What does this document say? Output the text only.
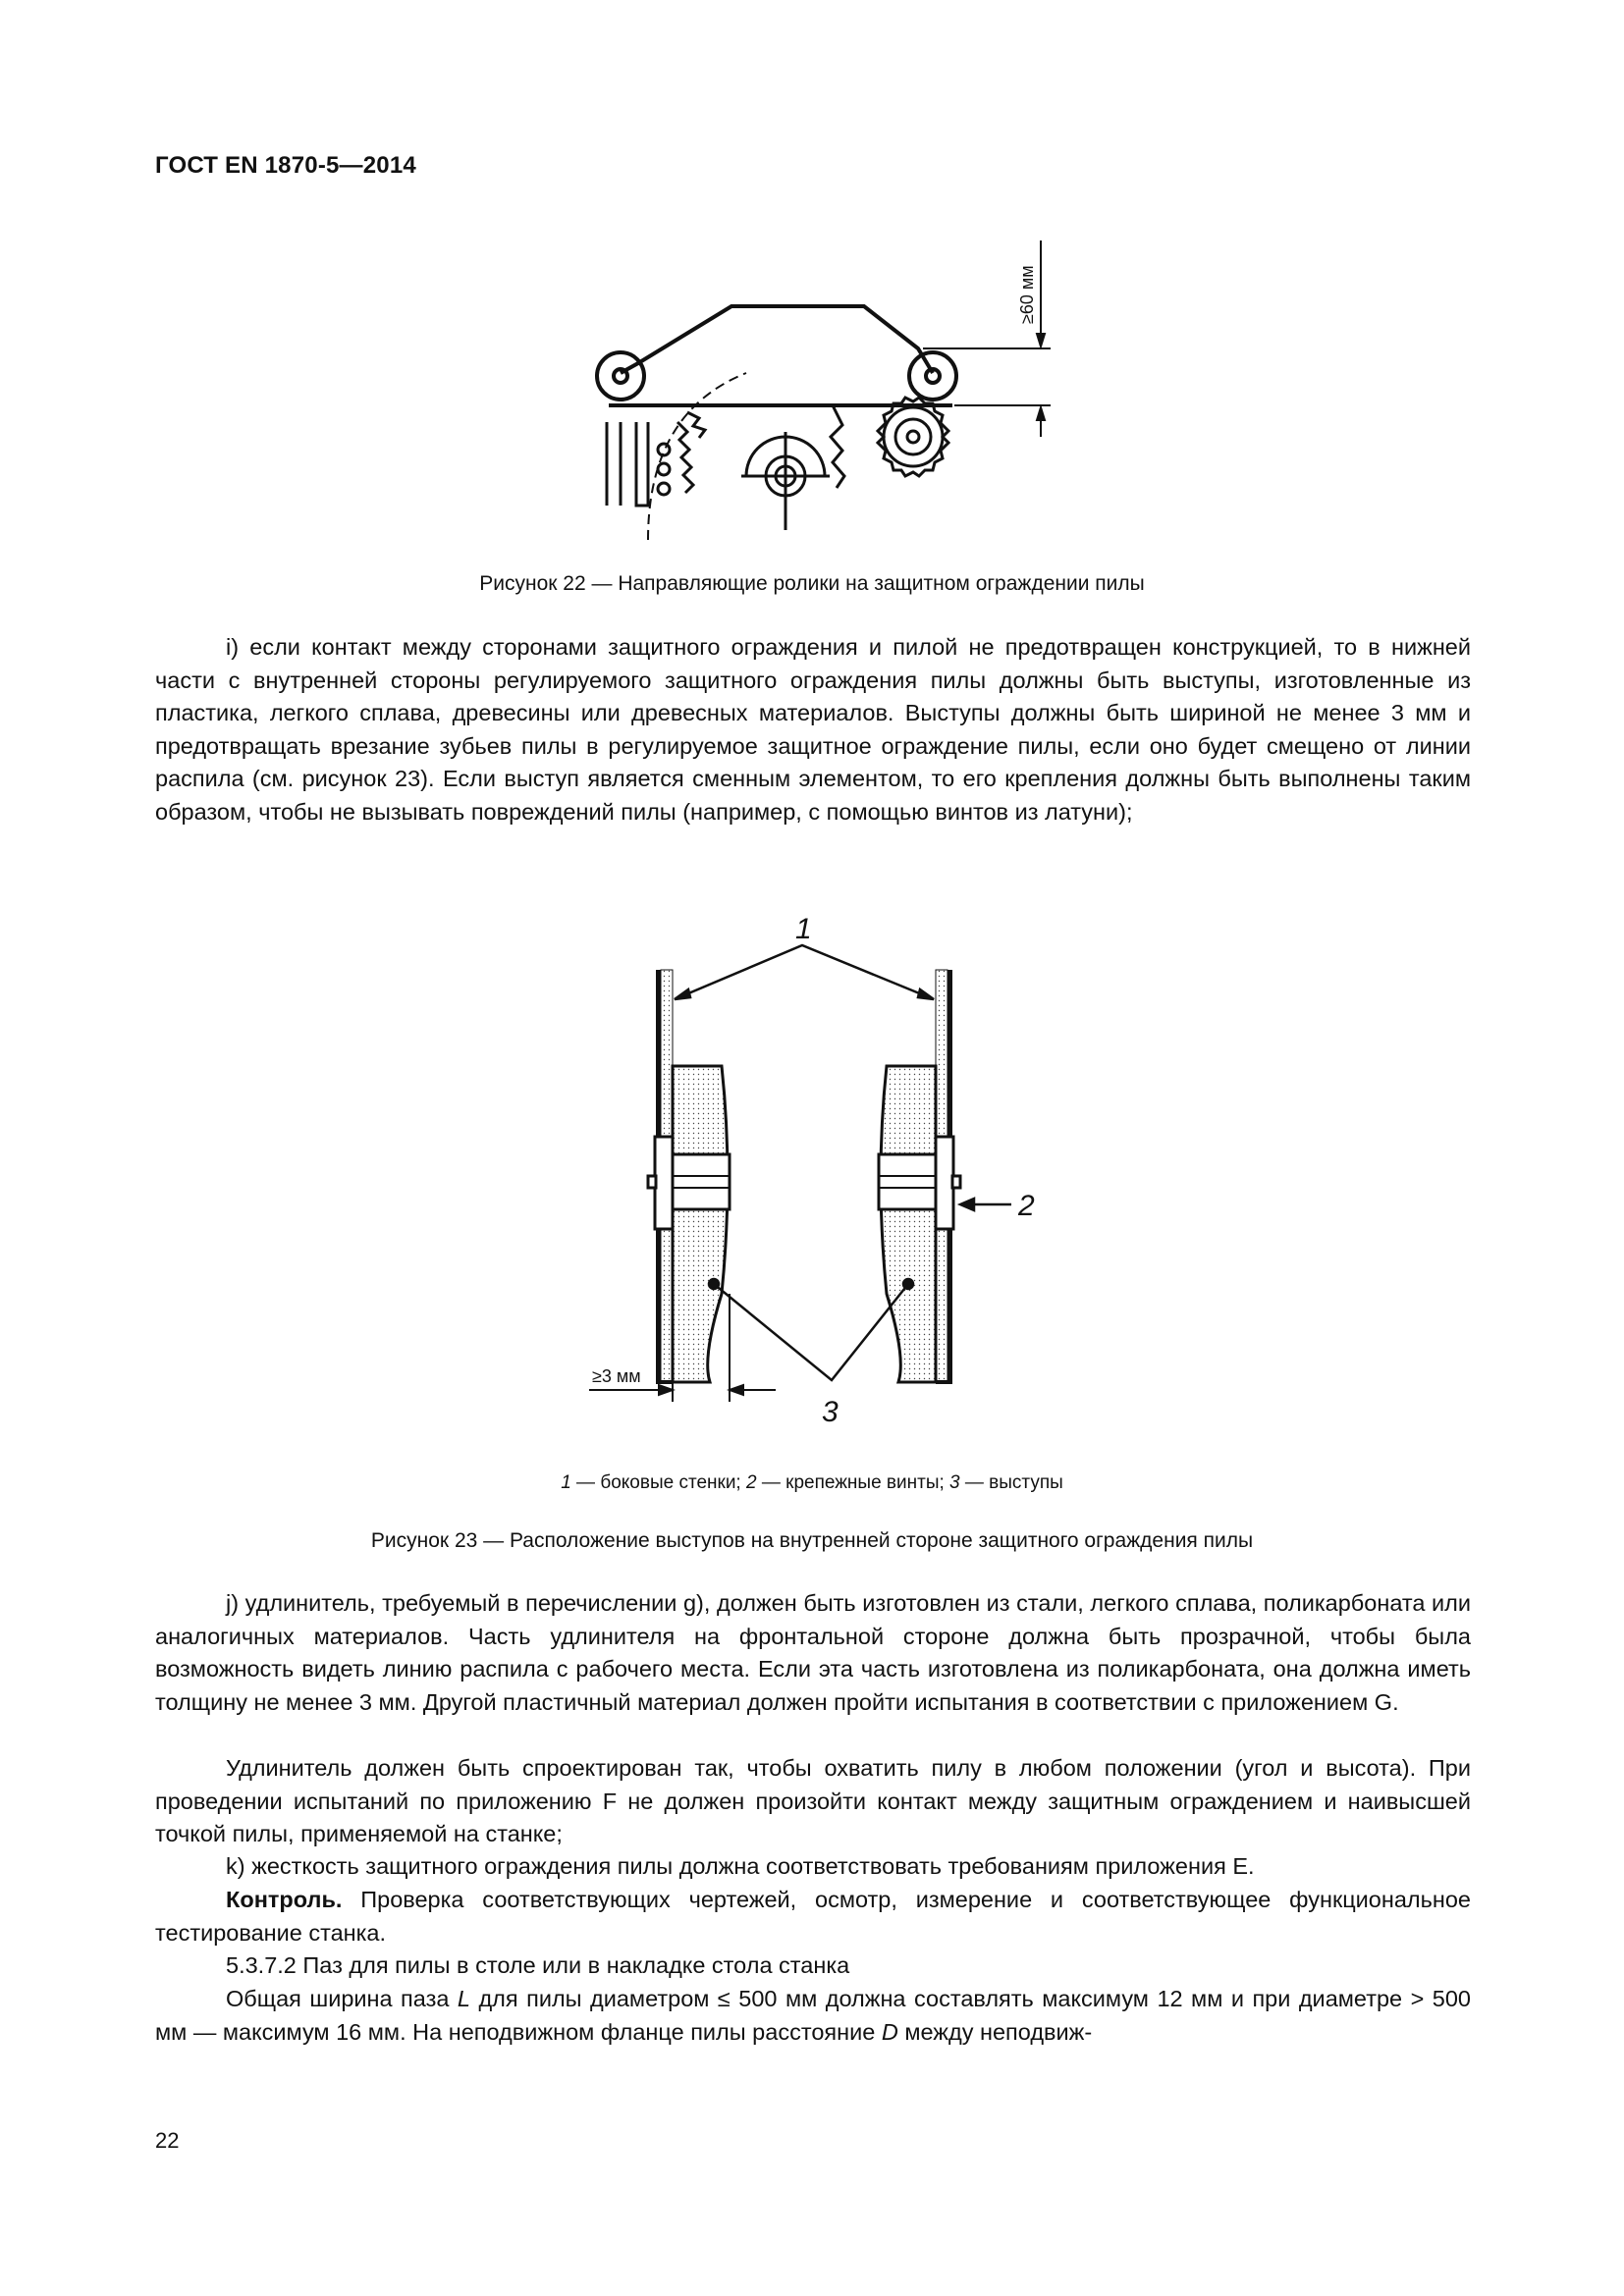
ГОСТ EN 1870-5—2014
≥60 мм
Рисунок 22 — Направляющие ролики на защитном ограждении пилы

i) если контакт между сторонами защитного ограждения и пилой не предотвращен конструкцией, то в нижней части с внутренней стороны регулируемого защитного ограждения пилы должны быть выступы, изготовленные из пластика, легкого сплава, древесины или древесных материалов. Выступы должны быть шириной не менее 3 мм и предотвращать врезание зубьев пилы в регулируемое защитное ограждение пилы, если оно будет смещено от линии распила (см. рисунок 23). Если выступ является сменным элементом, то его крепления должны быть выполнены таким образом, чтобы не вызывать повреждений пилы (например, с помощью винтов из латуни);

1
2
3
≥3 мм
1 — боковые стенки; 2 — крепежные винты; 3 — выступы
Рисунок 23 — Расположение выступов на внутренней стороне защитного ограждения пилы

j) удлинитель, требуемый в перечислении g), должен быть изготовлен из стали, легкого сплава, поликарбоната или аналогичных материалов. Часть удлинителя на фронтальной стороне должна быть прозрачной, чтобы была возможность видеть линию распила с рабочего места. Если эта часть изготовлена из поликарбоната, она должна иметь толщину не менее 3 мм. Другой пластичный материал должен пройти испытания в соответствии с приложением G.

Удлинитель должен быть спроектирован так, чтобы охватить пилу в любом положении (угол и высота). При проведении испытаний по приложению F не должен произойти контакт между защитным ограждением и наивысшей точкой пилы, применяемой на станке;

k) жесткость защитного ограждения пилы должна соответствовать требованиям приложения E.

Контроль. Проверка соответствующих чертежей, осмотр, измерение и соответствующее функциональное тестирование станка.

5.3.7.2 Паз для пилы в столе или в накладке стола станка

Общая ширина паза L для пилы диаметром ≤ 500 мм должна составлять максимум 12 мм и при диаметре > 500 мм — максимум 16 мм. На неподвижном фланце пилы расстояние D между неподвиж-

22
